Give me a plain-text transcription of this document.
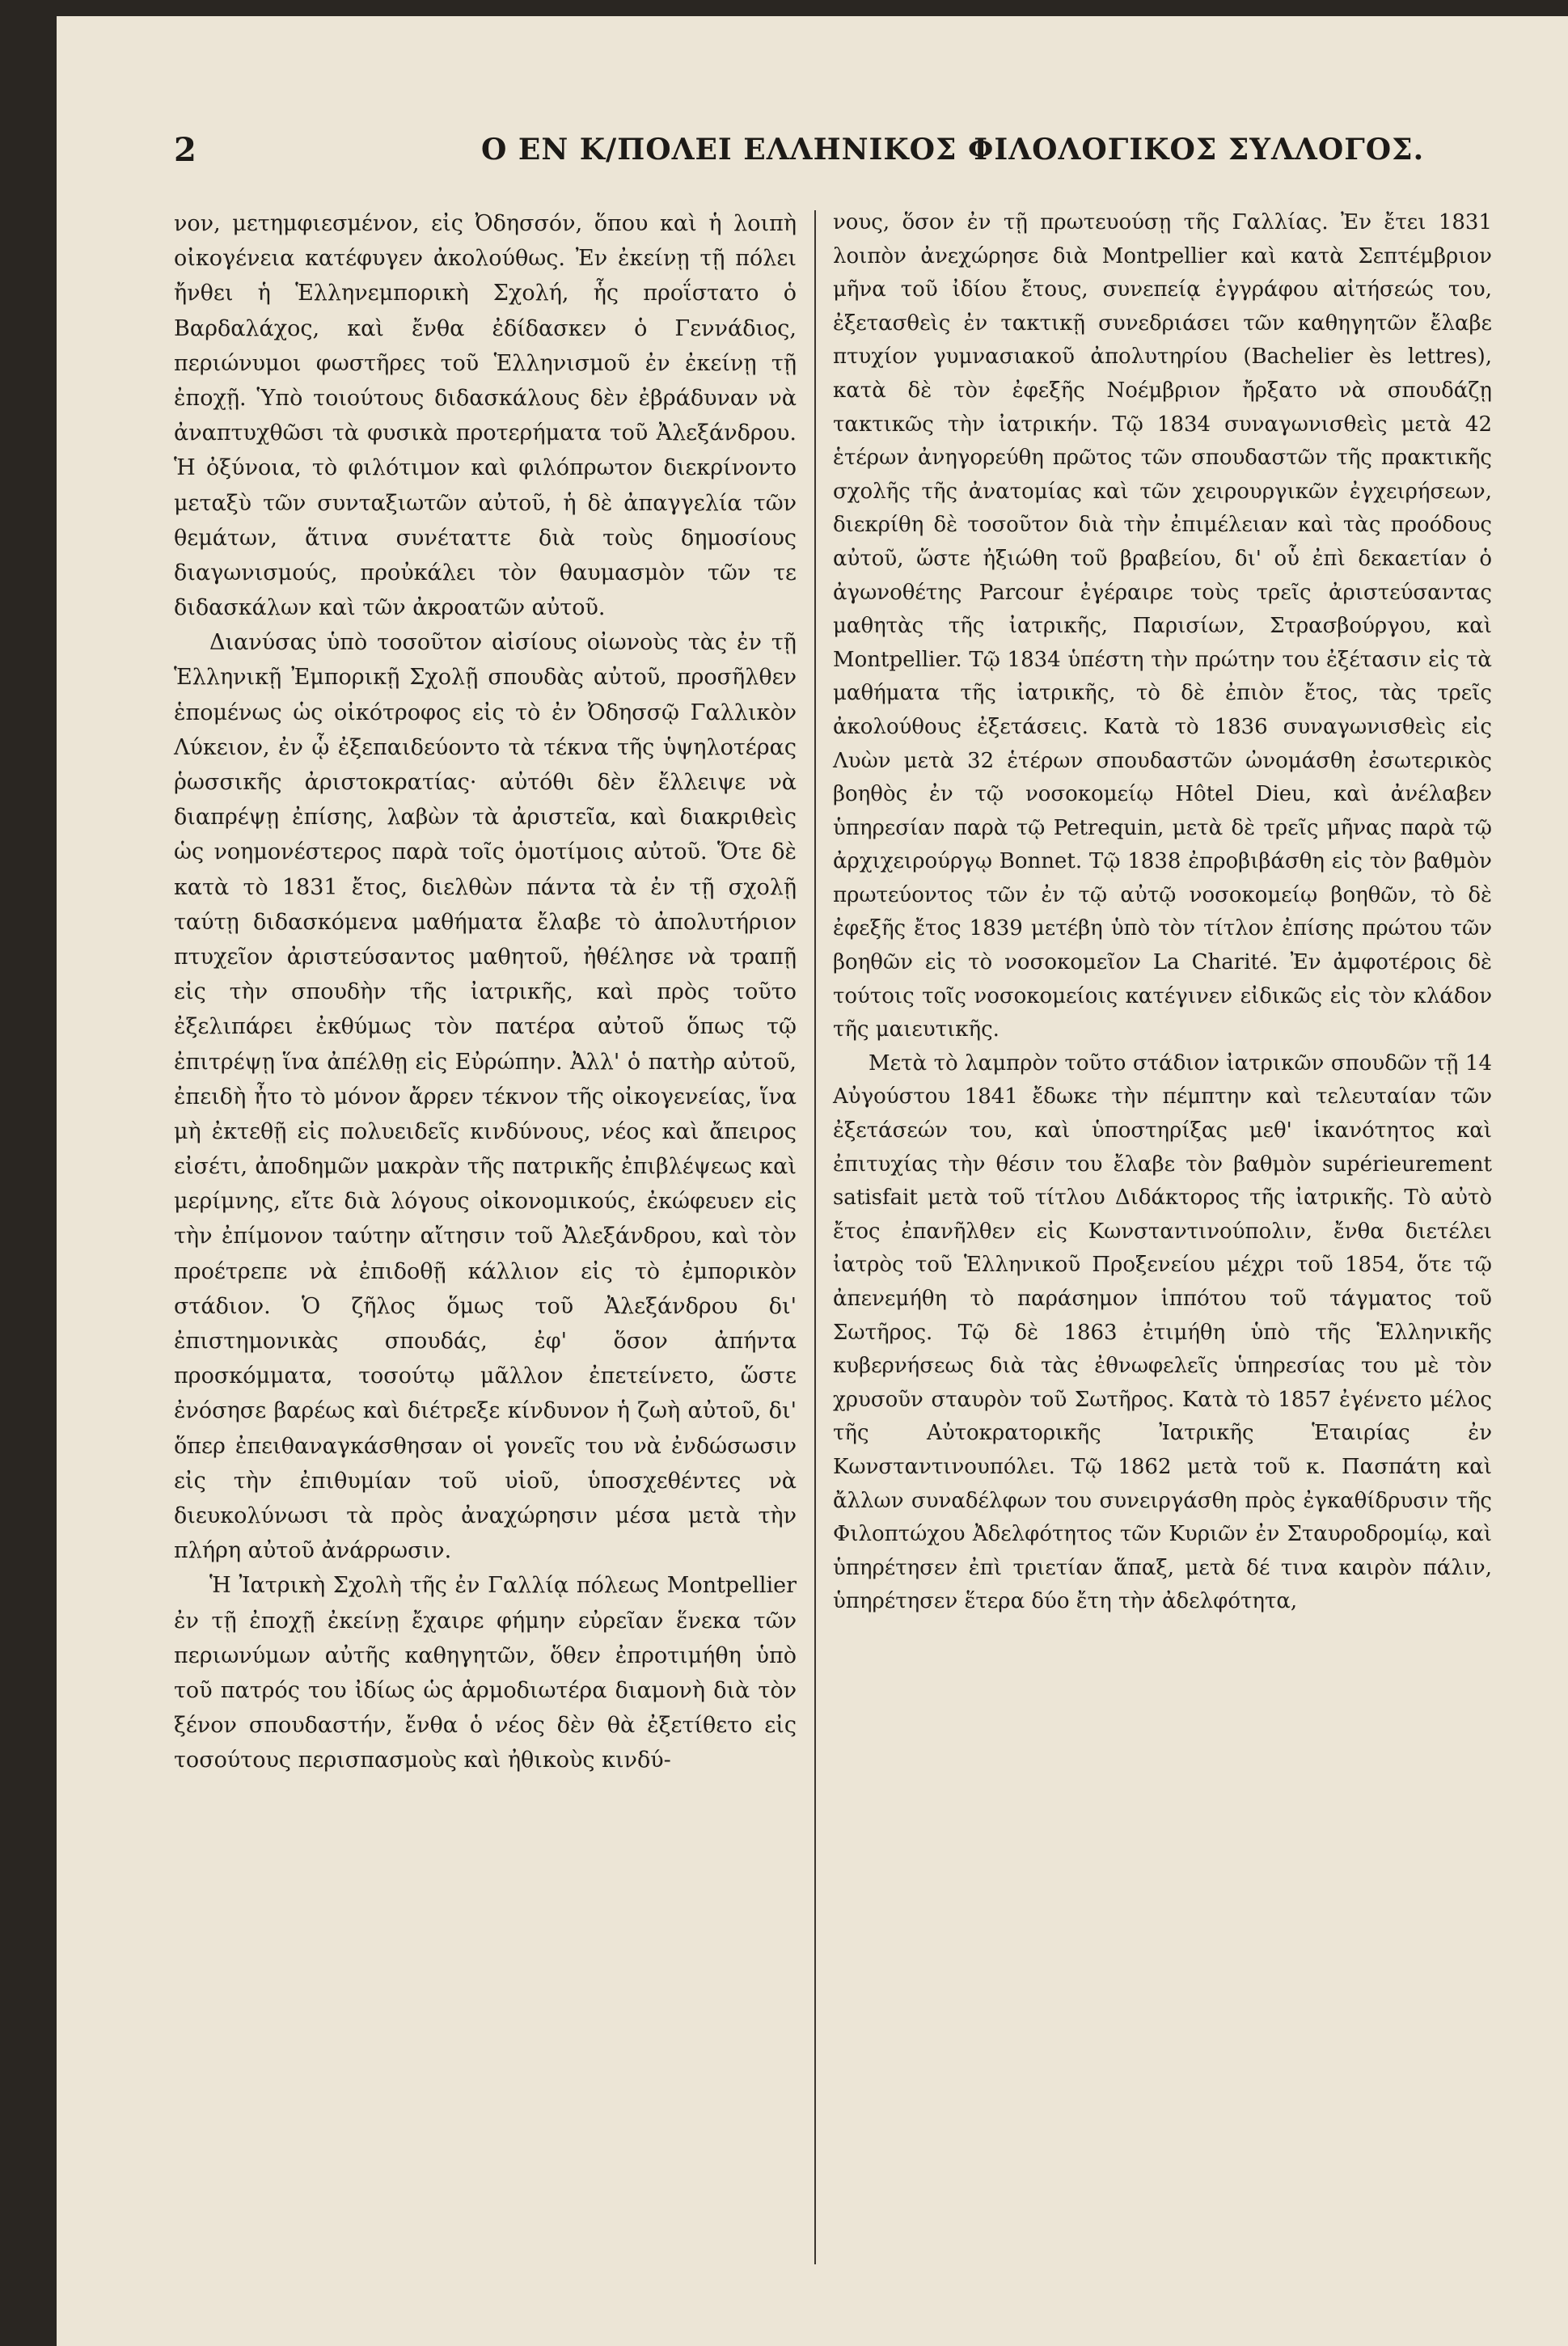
2	Ο ΕΝ Κ/ΠΟΛΕΙ ΕΛΛΗΝΙΚΟΣ ΦΙΛΟΛΟΓΙΚΟΣ ΣΥΛΛΟΓΟΣ.

νον, μετημφιεσμένον, εἰς Ὀδησσόν, ὅπου καὶ ἡ λοιπὴ οἰκογένεια κατέφυγεν ἀκολούθως. Ἐν ἐκείνῃ τῇ πόλει ἤνθει ἡ Ἑλληνεμπορικὴ Σχολή, ἧς προΐστατο ὁ Βαρδαλάχος, καὶ ἔνθα ἐδίδασκεν ὁ Γεννάδιος, περιώνυμοι φωστῆρες τοῦ Ἑλληνισμοῦ ἐν ἐκείνῃ τῇ ἐποχῇ. Ὑπὸ τοιούτους διδασκάλους δὲν ἐβράδυναν νὰ ἀναπτυχθῶσι τὰ φυσικὰ προτερήματα τοῦ Ἀλεξάνδρου. Ἡ ὀξύνοια, τὸ φιλότιμον καὶ φιλόπρωτον διεκρίνοντο μεταξὺ τῶν συνταξιωτῶν αὐτοῦ, ἡ δὲ ἀπαγγελία τῶν θεμάτων, ἅτινα συνέταττε διὰ τοὺς δημοσίους διαγωνισμούς, προὐκάλει τὸν θαυμασμὸν τῶν τε διδασκάλων καὶ τῶν ἀκροατῶν αὐτοῦ.

Διανύσας ὑπὸ τοσοῦτον αἰσίους οἰωνοὺς τὰς ἐν τῇ Ἑλληνικῇ Ἐμπορικῇ Σχολῇ σπουδὰς αὐτοῦ, προσῆλθεν ἑπομένως ὡς οἰκότροφος εἰς τὸ ἐν Ὀδησσῷ Γαλλικὸν Λύκειον, ἐν ᾧ ἐξεπαιδεύοντο τὰ τέκνα τῆς ὑψηλοτέρας ῥωσσικῆς ἀριστοκρατίας· αὐτόθι δὲν ἔλλειψε νὰ διαπρέψῃ ἐπίσης, λαβὼν τὰ ἀριστεῖα, καὶ διακριθεὶς ὡς νοημονέστερος παρὰ τοῖς ὁμοτίμοις αὐτοῦ. Ὅτε δὲ κατὰ τὸ 1831 ἔτος, διελθὼν πάντα τὰ ἐν τῇ σχολῇ ταύτῃ διδασκόμενα μαθήματα ἔλαβε τὸ ἀπολυτήριον πτυχεῖον ἀριστεύσαντος μαθητοῦ, ἠθέλησε νὰ τραπῇ εἰς τὴν σπουδὴν τῆς ἰατρικῆς, καὶ πρὸς τοῦτο ἐξελιπάρει ἐκθύμως τὸν πατέρα αὐτοῦ ὅπως τῷ ἐπιτρέψῃ ἵνα ἀπέλθῃ εἰς Εὐρώπην. Ἀλλ' ὁ πατὴρ αὐτοῦ, ἐπειδὴ ἦτο τὸ μόνον ἄρρεν τέκνον τῆς οἰκογενείας, ἵνα μὴ ἐκτεθῇ εἰς πολυειδεῖς κινδύνους, νέος καὶ ἄπειρος εἰσέτι, ἀποδημῶν μακρὰν τῆς πατρικῆς ἐπιβλέψεως καὶ μερίμνης, εἴτε διὰ λόγους οἰκονομικούς, ἐκώφευεν εἰς τὴν ἐπίμονον ταύτην αἴτησιν τοῦ Ἀλεξάνδρου, καὶ τὸν προέτρεπε νὰ ἐπιδοθῇ κάλλιον εἰς τὸ ἐμπορικὸν στάδιον. Ὁ ζῆλος ὅμως τοῦ Ἀλεξάνδρου δι' ἐπιστημονικὰς σπουδάς, ἐφ' ὅσον ἀπήντα προσκόμματα, τοσούτῳ μᾶλλον ἐπετείνετο, ὥστε ἐνόσησε βαρέως καὶ διέτρεξε κίνδυνον ἡ ζωὴ αὐτοῦ, δι' ὅπερ ἐπειθαναγκάσθησαν οἱ γονεῖς του νὰ ἐνδώσωσιν εἰς τὴν ἐπιθυμίαν τοῦ υἱοῦ, ὑποσχεθέντες νὰ διευκολύνωσι τὰ πρὸς ἀναχώρησιν μέσα μετὰ τὴν πλήρη αὐτοῦ ἀνάρρωσιν.

Ἡ Ἰατρικὴ Σχολὴ τῆς ἐν Γαλλίᾳ πόλεως Montpellier ἐν τῇ ἐποχῇ ἐκείνῃ ἔχαιρε φήμην εὐρεῖαν ἕνεκα τῶν περιωνύμων αὐτῆς καθηγητῶν, ὅθεν ἐπροτιμήθη ὑπὸ τοῦ πατρός του ἰδίως ὡς ἁρμοδιωτέρα διαμονὴ διὰ τὸν ξένον σπουδαστήν, ἔνθα ὁ νέος δὲν θὰ ἐξετίθετο εἰς τοσούτους περισπασμοὺς καὶ ἠθικοὺς κινδύ-

νους, ὅσον ἐν τῇ πρωτευούσῃ τῆς Γαλλίας. Ἐν ἔτει 1831 λοιπὸν ἀνεχώρησε διὰ Montpellier καὶ κατὰ Σεπτέμβριον μῆνα τοῦ ἰδίου ἔτους, συνεπείᾳ ἐγγράφου αἰτήσεώς του, ἐξετασθεὶς ἐν τακτικῇ συνεδριάσει τῶν καθηγητῶν ἔλαβε πτυχίον γυμνασιακοῦ ἀπολυτηρίου (Bachelier ès lettres), κατὰ δὲ τὸν ἐφεξῆς Νοέμβριον ἤρξατο νὰ σπουδάζῃ τακτικῶς τὴν ἰατρικήν. Τῷ 1834 συναγωνισθεὶς μετὰ 42 ἑτέρων ἀνηγορεύθη πρῶτος τῶν σπουδαστῶν τῆς πρακτικῆς σχολῆς τῆς ἀνατομίας καὶ τῶν χειρουργικῶν ἐγχειρήσεων, διεκρίθη δὲ τοσοῦτον διὰ τὴν ἐπιμέλειαν καὶ τὰς προόδους αὐτοῦ, ὥστε ἠξιώθη τοῦ βραβείου, δι' οὗ ἐπὶ δεκαετίαν ὁ ἀγωνοθέτης Parcour ἐγέραιρε τοὺς τρεῖς ἀριστεύσαντας μαθητὰς τῆς ἰατρικῆς, Παρισίων, Στρασβούργου, καὶ Montpellier. Τῷ 1834 ὑπέστη τὴν πρώτην του ἐξέτασιν εἰς τὰ μαθήματα τῆς ἰατρικῆς, τὸ δὲ ἐπιὸν ἔτος, τὰς τρεῖς ἀκολούθους ἐξετάσεις. Κατὰ τὸ 1836 συναγωνισθεὶς εἰς Λυὼν μετὰ 32 ἑτέρων σπουδαστῶν ὠνομάσθη ἐσωτερικὸς βοηθὸς ἐν τῷ νοσοκομείῳ Hôtel Dieu, καὶ ἀνέλαβεν ὑπηρεσίαν παρὰ τῷ Petrequin, μετὰ δὲ τρεῖς μῆνας παρὰ τῷ ἀρχιχειρούργῳ Bonnet. Τῷ 1838 ἐπροβιβάσθη εἰς τὸν βαθμὸν πρωτεύοντος τῶν ἐν τῷ αὐτῷ νοσοκομείῳ βοηθῶν, τὸ δὲ ἐφεξῆς ἔτος 1839 μετέβη ὑπὸ τὸν τίτλον ἐπίσης πρώτου τῶν βοηθῶν εἰς τὸ νοσοκομεῖον La Charité. Ἐν ἀμφοτέροις δὲ τούτοις τοῖς νοσοκομείοις κατέγινεν εἰδικῶς εἰς τὸν κλάδον τῆς μαιευτικῆς.

Μετὰ τὸ λαμπρὸν τοῦτο στάδιον ἰατρικῶν σπουδῶν τῇ 14 Αὐγούστου 1841 ἔδωκε τὴν πέμπτην καὶ τελευταίαν τῶν ἐξετάσεών του, καὶ ὑποστηρίξας μεθ' ἱκανότητος καὶ ἐπιτυχίας τὴν θέσιν του ἔλαβε τὸν βαθμὸν supérieurement satisfait μετὰ τοῦ τίτλου Διδάκτορος τῆς ἰατρικῆς. Τὸ αὐτὸ ἔτος ἐπανῆλθεν εἰς Κωνσταντινούπολιν, ἔνθα διετέλει ἰατρὸς τοῦ Ἑλληνικοῦ Προξενείου μέχρι τοῦ 1854, ὅτε τῷ ἀπενεμήθη τὸ παράσημον ἱππότου τοῦ τάγματος τοῦ Σωτῆρος. Τῷ δὲ 1863 ἐτιμήθη ὑπὸ τῆς Ἑλληνικῆς κυβερνήσεως διὰ τὰς ἐθνωφελεῖς ὑπηρεσίας του μὲ τὸν χρυσοῦν σταυρὸν τοῦ Σωτῆρος. Κατὰ τὸ 1857 ἐγένετο μέλος τῆς Αὐτοκρατορικῆς Ἰατρικῆς Ἑταιρίας ἐν Κωνσταντινουπόλει. Τῷ 1862 μετὰ τοῦ κ. Πασπάτη καὶ ἄλλων συναδέλφων του συνειργάσθη πρὸς ἐγκαθίδρυσιν τῆς Φιλοπτώχου Ἀδελφότητος τῶν Κυριῶν ἐν Σταυροδρομίῳ, καὶ ὑπηρέτησεν ἐπὶ τριετίαν ἅπαξ, μετὰ δέ τινα καιρὸν πάλιν, ὑπηρέτησεν ἕτερα δύο ἔτη τὴν ἀδελφότητα,
